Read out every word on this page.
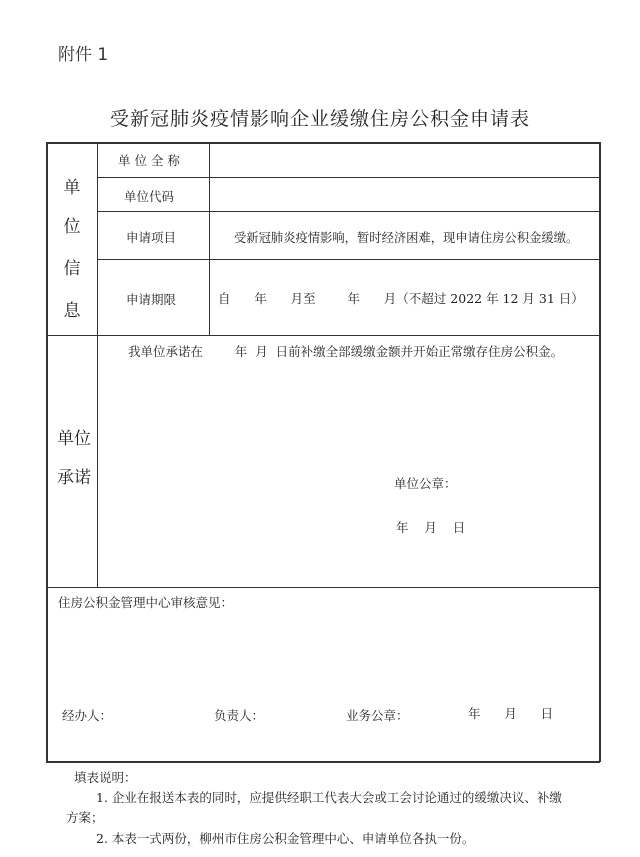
附件 1
受新冠肺炎疫情影响企业缓缴住房公积金申请表
单
位
信
息
单 位 全 称
单位代码
申请项目	受新冠肺炎疫情影响，暂时经济困难，现申请住房公积金缓缴。
申请期限	自      年      月至        年      月（不超过 2022 年 12 月 31 日）
单位
承诺
我单位承诺在        年  月  日前补缴全部缓缴金额并开始正常缴存住房公积金。
单位公章：
年    月    日
住房公积金管理中心审核意见：
经办人：	负责人：	业务公章：	年      月      日
填表说明：
1. 企业在报送本表的同时，应提供经职工代表大会或工会讨论通过的缓缴决议、补缴
方案；
2. 本表一式两份，柳州市住房公积金管理中心、申请单位各执一份。
